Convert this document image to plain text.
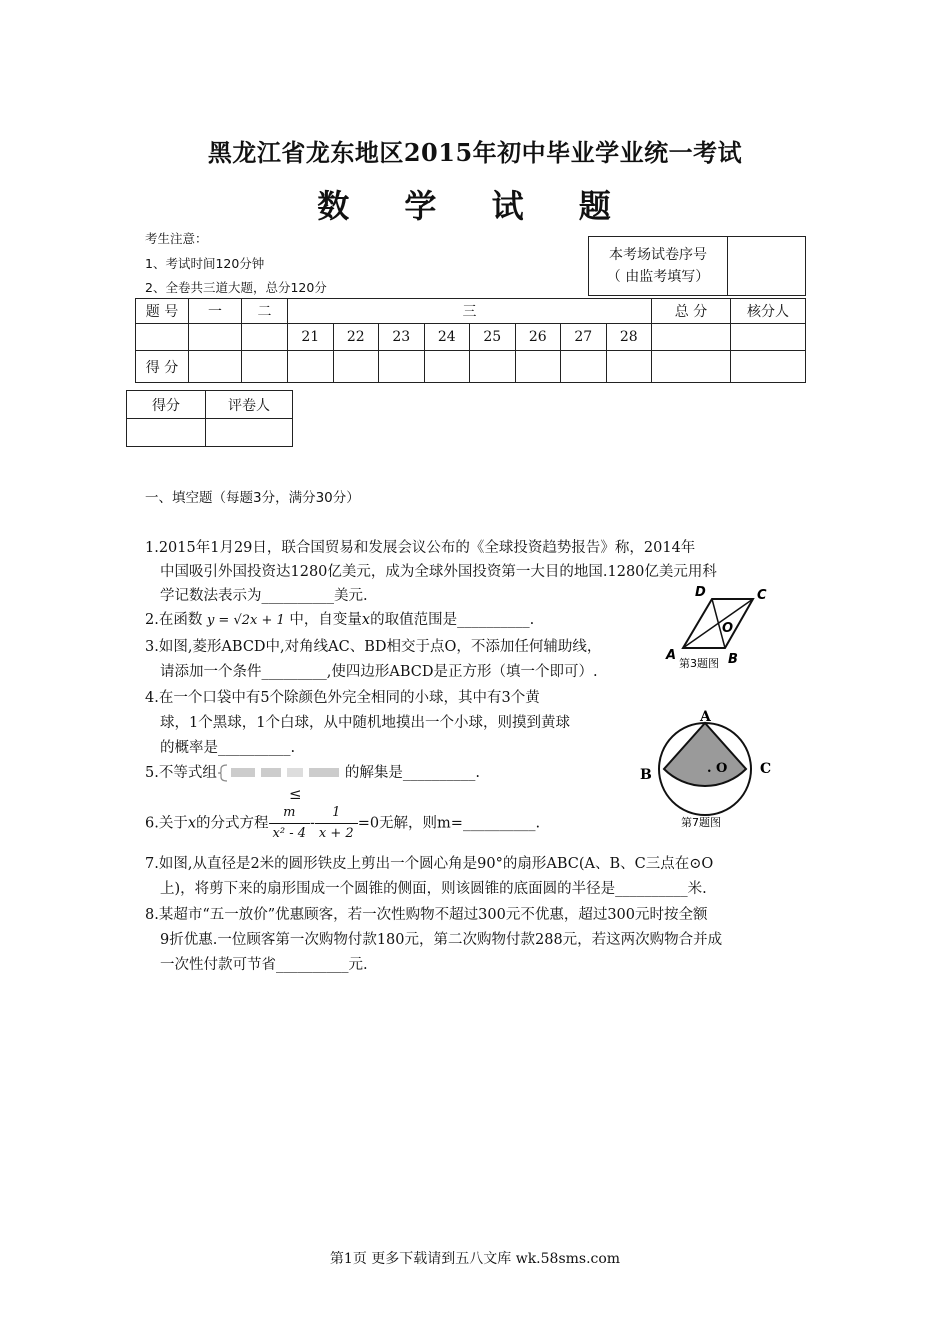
黑龙江省龙东地区2015年初中毕业学业统一考试
数 学 试 题
考生注意：
1、考试时间120分钟
2、全卷共三道大题，总分120分
本考场试卷序号
（ 由监考填写）

题 号	一	二	三								总 分	核分人
			21	22	23	24	25	26	27	28		
得 分												
得分	评卷人

一、填空题（每题3分，满分30分）
1.2015年1月29日，联合国贸易和发展会议公布的《全球投资趋势报告》称，2014年
中国吸引外国投资达1280亿美元，成为全球外国投资第一大目的地国.1280亿美元用科
学记数法表示为__________美元.
2.在函数 y = √2x + 1 中，自变量x的取值范围是__________.
3.如图,菱形ABCD中,对角线AC、BD相交于点O，不添加任何辅助线，
请添加一个条件_________,使四边形ABCD是正方形（填一个即可）.
D	C
O
A	B
第3题图
4.在一个口袋中有5个除颜色外完全相同的小球，其中有3个黄
球，1个黑球，1个白球，从中随机地摸出一个小球，则摸到黄球
的概率是__________.
5.不等式组	的解集是__________.
≤
6.关于x的分式方程 $\frac{m}{\text{x² - 4}} - \frac{1}{x + 2} =0$无解，则m=__________.
A
B	C
. O
第7题图
7.如图,从直径是2米的圆形铁皮上剪出一个圆心角是90°的扇形ABC(A、B、C三点在⊙O
上)，将剪下来的扇形围成一个圆锥的侧面，则该圆锥的底面圆的半径是__________米.
8.某超市“五一放价”优惠顾客，若一次性购物不超过300元不优惠，超过300元时按全额
9折优惠.一位顾客第一次购物付款180元，第二次购物付款288元，若这两次购物合并成
一次性付款可节省__________元.
第1页 更多下载请到五八文库 wk.58sms.com
